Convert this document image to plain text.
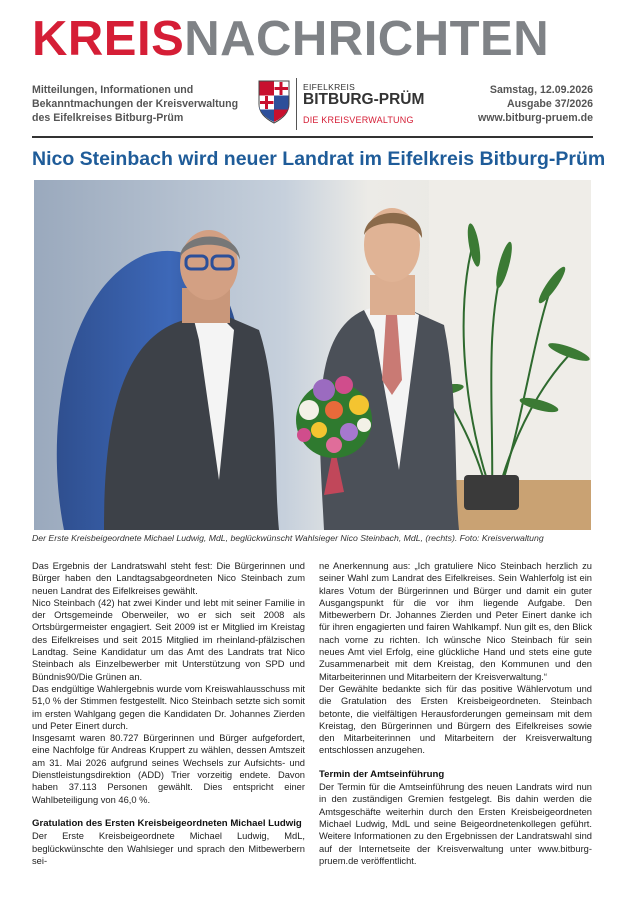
KREISNACHRICHTEN
Mitteilungen, Informationen und
Bekanntmachungen der Kreisverwaltung
des Eifelkreises Bitburg-Prüm
EIFELKREIS
BITBURG-PRÜM
DIE KREISVERWALTUNG
Samstag, 12.09.2026
Ausgabe 37/2026
www.bitburg-pruem.de
Nico Steinbach wird neuer Landrat im Eifelkreis Bitburg-Prüm
Der Erste Kreisbeigeordnete Michael Ludwig, MdL, beglückwünscht Wahlsieger Nico Steinbach, MdL, (rechts). Foto: Kreisverwaltung

Das Ergebnis der Landratswahl steht fest: Die Bürgerinnen und Bürger haben den Landtagsabgeordneten Nico Steinbach zum neuen Landrat des Eifelkreises gewählt.

Nico Steinbach (42) hat zwei Kinder und lebt mit seiner Familie in der Ortsgemeinde Oberweiler, wo er sich seit 2008 als Ortsbürgermeister engagiert. Seit 2009 ist er Mitglied im Kreistag des Eifelkreises und seit 2015 Mitglied im rheinland-pfälzischen Landtag. Seine Kandidatur um das Amt des Landrats trat Nico Steinbach als Einzelbewerber mit Unterstützung von SPD und Bündnis90/Die Grünen an.

Das endgültige Wahlergebnis wurde vom Kreiswahlausschuss mit 51,0 % der Stimmen festgestellt. Nico Steinbach setzte sich somit im ersten Wahlgang gegen die Kandidaten Dr. Johannes Zierden und Peter Einert durch.

Insgesamt waren 80.727 Bürgerinnen und Bürger aufgefordert, eine Nachfolge für Andreas Kruppert zu wählen, dessen Amtszeit am 31. Mai 2026 aufgrund seines Wechsels zur Aufsichts- und Dienstleistungsdirektion (ADD) Trier vorzeitig endete. Davon haben 37.113 Personen gewählt. Dies entspricht einer Wahlbeteiligung von 46,0 %.

Gratulation des Ersten Kreisbeigeordneten Michael Ludwig

Der Erste Kreisbeigeordnete Michael Ludwig, MdL, beglückwünschte den Wahlsieger und sprach den Mitbewerbern sei-

ne Anerkennung aus: „Ich gratuliere Nico Steinbach herzlich zu seiner Wahl zum Landrat des Eifelkreises. Sein Wahlerfolg ist ein klares Votum der Bürgerinnen und Bürger und damit ein guter Ausgangspunkt für die vor ihm liegende Aufgabe. Den Mitbewerbern Dr. Johannes Zierden und Peter Einert danke ich für ihren engagierten und fairen Wahlkampf. Nun gilt es, den Blick nach vorne zu richten. Ich wünsche Nico Steinbach für sein neues Amt viel Erfolg, eine glückliche Hand und stets eine gute Zusammenarbeit mit dem Kreistag, den Kommunen und den Mitarbeiterinnen und Mitarbeitern der Kreisverwaltung.“

Der Gewählte bedankte sich für das positive Wählervotum und die Gratulation des Ersten Kreisbeigeordneten. Steinbach betonte, die vielfältigen Herausforderungen gemeinsam mit dem Kreistag, den Bürgerinnen und Bürgern des Eifelkreises sowie den Mitarbeiterinnen und Mitarbeitern der Kreisverwaltung entschlossen anzugehen.

Termin der Amtseinführung

Der Termin für die Amtseinführung des neuen Landrats wird nun in den zuständigen Gremien festgelegt. Bis dahin werden die Amtsgeschäfte weiterhin durch den Ersten Kreisbeigeordneten Michael Ludwig, MdL und seine Beigeordnetenkollegen geführt. Weitere Informationen zu den Ergebnissen der Landratswahl sind auf der Internetseite der Kreisverwaltung unter www.bitburg-pruem.de veröffentlicht.
